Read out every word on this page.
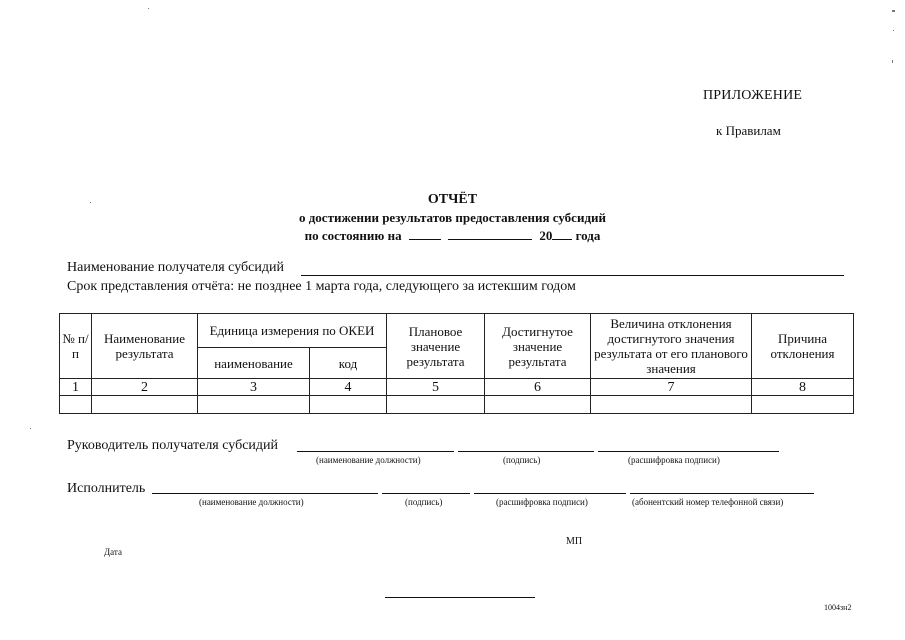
ПРИЛОЖЕНИЕ
к Правилам
ОТЧЁТ
о достижении результатов предоставления субсидий
по состоянию на	20 года
Наименование получателя субсидий
Срок представления отчёта: не позднее 1 марта года, следующего за истекшим годом
№ п/п	Наименование результата	Единица измерения по ОКЕИ		Плановое значение результата	Достигнутое значение результата	Величина отклонения достигнутого значения результата от его планового значения	Причина отклонения
		наименование	код				
1	2	3	4	5	6	7	8

Руководитель получателя субсидий
(наименование должности)	(подпись)	(расшифровка подписи)
Исполнитель
(наименование должности)	(подпись)	(расшифровка подписи)	(абонентский номер телефонной связи)
МП
Дата
1004зн2
